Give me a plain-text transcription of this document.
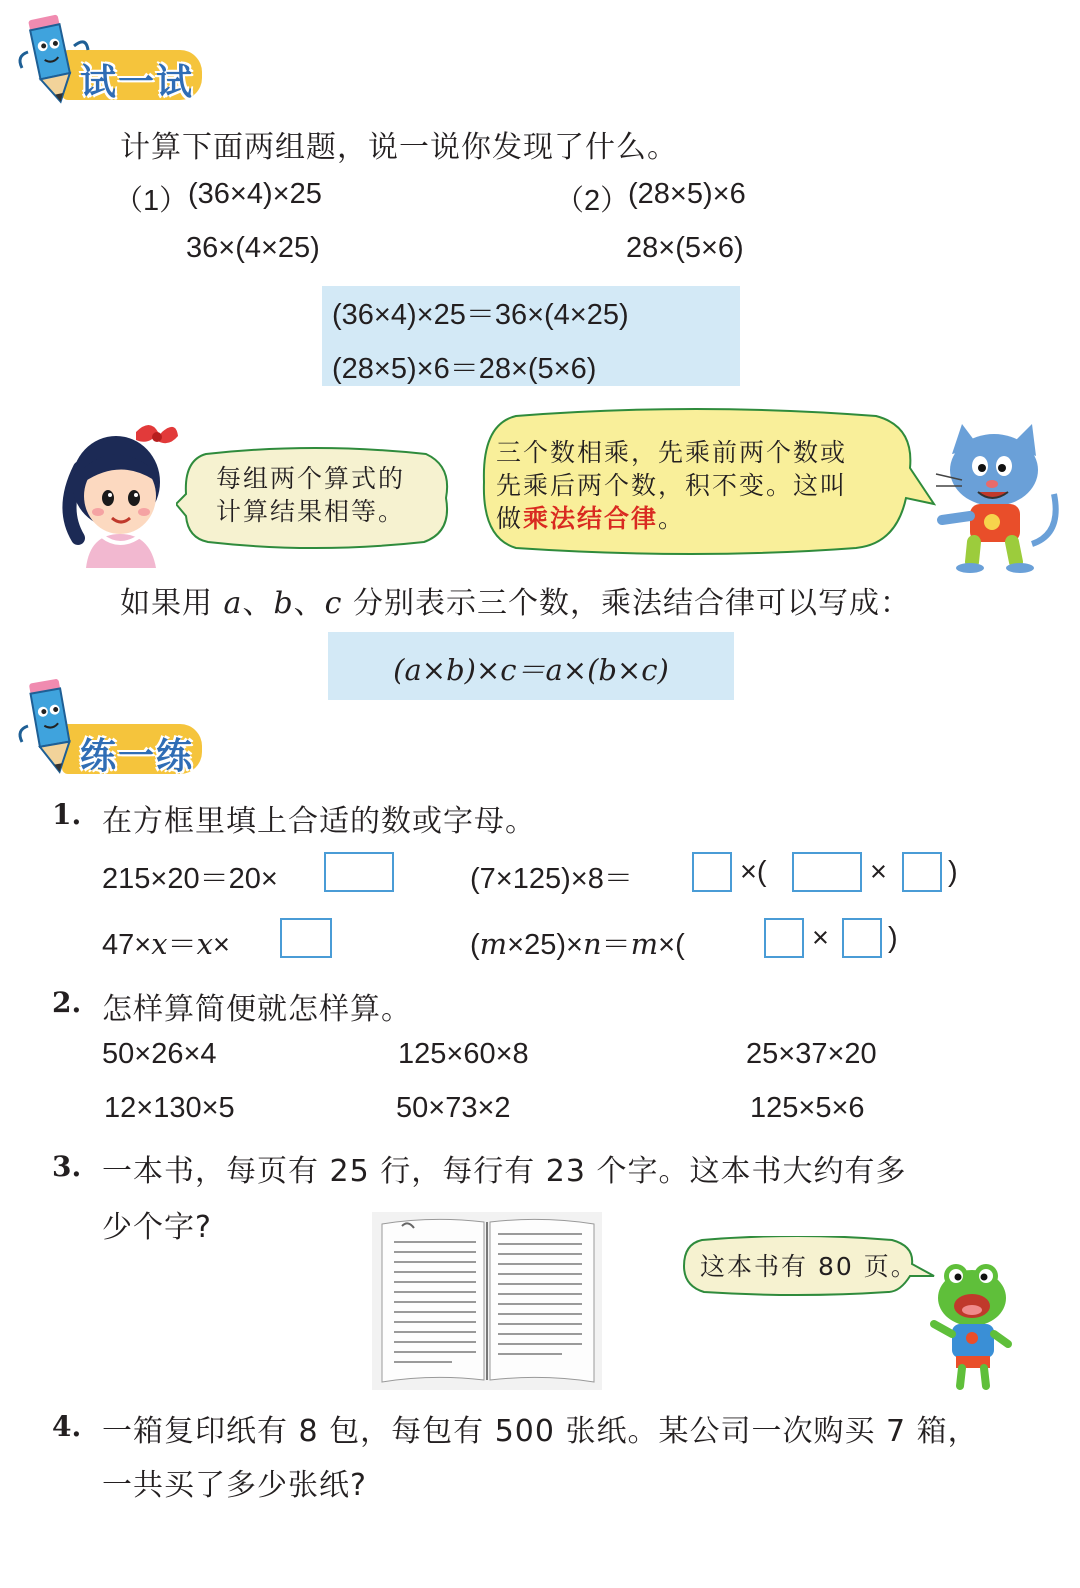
试一试
计算下面两组题，说一说你发现了什么。
（1） (36×4)×25
36×(4×25)
（2）
(28×5)×6
28×(5×6)
(36×4)×25＝36×(4×25)
(28×5)×6＝28×(5×6)
每组两个算式的
计算结果相等。
三个数相乘，先乘前两个数或
先乘后两个数，积不变。这叫
做乘法结合律。
如果用 a、b、c 分别表示三个数，乘法结合律可以写成：
(a×b)×c＝a×(b×c)
练一练
1. 在方框里填上合适的数或字母。
215×20＝20×	(7×125)×8＝	×(	× )
47×x＝x×	(m×25)×n＝m×(	× )
2. 怎样算简便就怎样算。
50×26×4	125×60×8	25×37×20
12×130×5	50×73×2	125×5×6
3. 一本书，每页有 25 行，每行有 23 个字。这本书大约有多
少个字?
这本书有 80 页。
4. 一箱复印纸有 8 包，每包有 500 张纸。某公司一次购买 7 箱，
一共买了多少张纸?
